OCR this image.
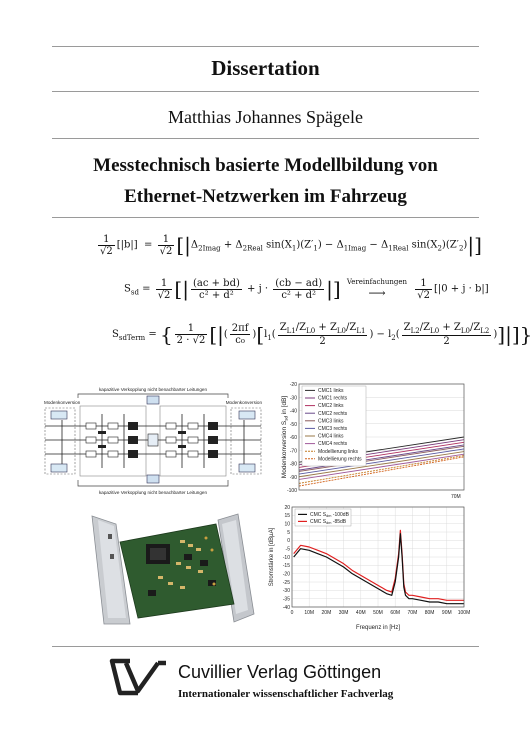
Dissertation
Matthias Johannes Spägele
Messtechnisch basierte Modellbildung von
Ethernet-Netzwerken im Fahrzeug
$\frac{1}{√2} [|b|] = \frac{1}{√2} [|\Delta_{2Imag} + \Delta_{2Real}$ $\sin(X_1)(Z'_1) - \Delta_{1Imag} - \Delta_{1Real}$ $\sin(X_2)(Z'_2)|$]
$S_{sd} = \frac{1}{√2}$ [| $\frac{(ac + bd)}{\text{c² + d²}} + j \cdot \frac{(cb - ad)}{\text{c² + d²}}$ |] Vereinfachungen
⟶	$\frac{1}{√2} [|0 + j \cdot b|]$
$S_{sdTerm}$ = { $\frac{1}{2 \cdot √2}$ [|( $\frac{2\pi f}{\text{c₀}} )[l_1( \frac{Z_{L1}/Z_{L0} + Z_{L0}/Z_{L1}}{2}$ ) − $l_2( \frac{Z_{L2}/Z_{L0} + Z_{L0}/Z_{L2}}{2}$ )]|]}
kapazitive Verkopplung nicht benachbarter Leitungen
Modenkonversion	Modenkonversion
kapazitive Verkopplung nicht benachbarter Leitungen
-20
-30
-40
-50
-60
-70
-80
-90
-100
Modenkonversion $S_{sd}$ in [dB]
70M
CMC1 links
CMC1 rechts
CMC2 links
CMC2 rechts
CMC3 links
CMC3 rechts
CMC4 links
CMC4 rechts
Modellierung links
Modellierung rechts
20
15
10
5
0
-5
-10
-15
-20
-25
-30
-35
-40
0 10M 20M 30M 40M 50M 60M 70M 80M 90M 100M
Stromstärke in [dBµA]
Frequenz in [Hz]
CMC $S_{dm}$ -100dB
CMC $S_{dm}$ -85dB
Cuvillier Verlag Göttingen
Internationaler wissenschaftlicher Fachverlag
